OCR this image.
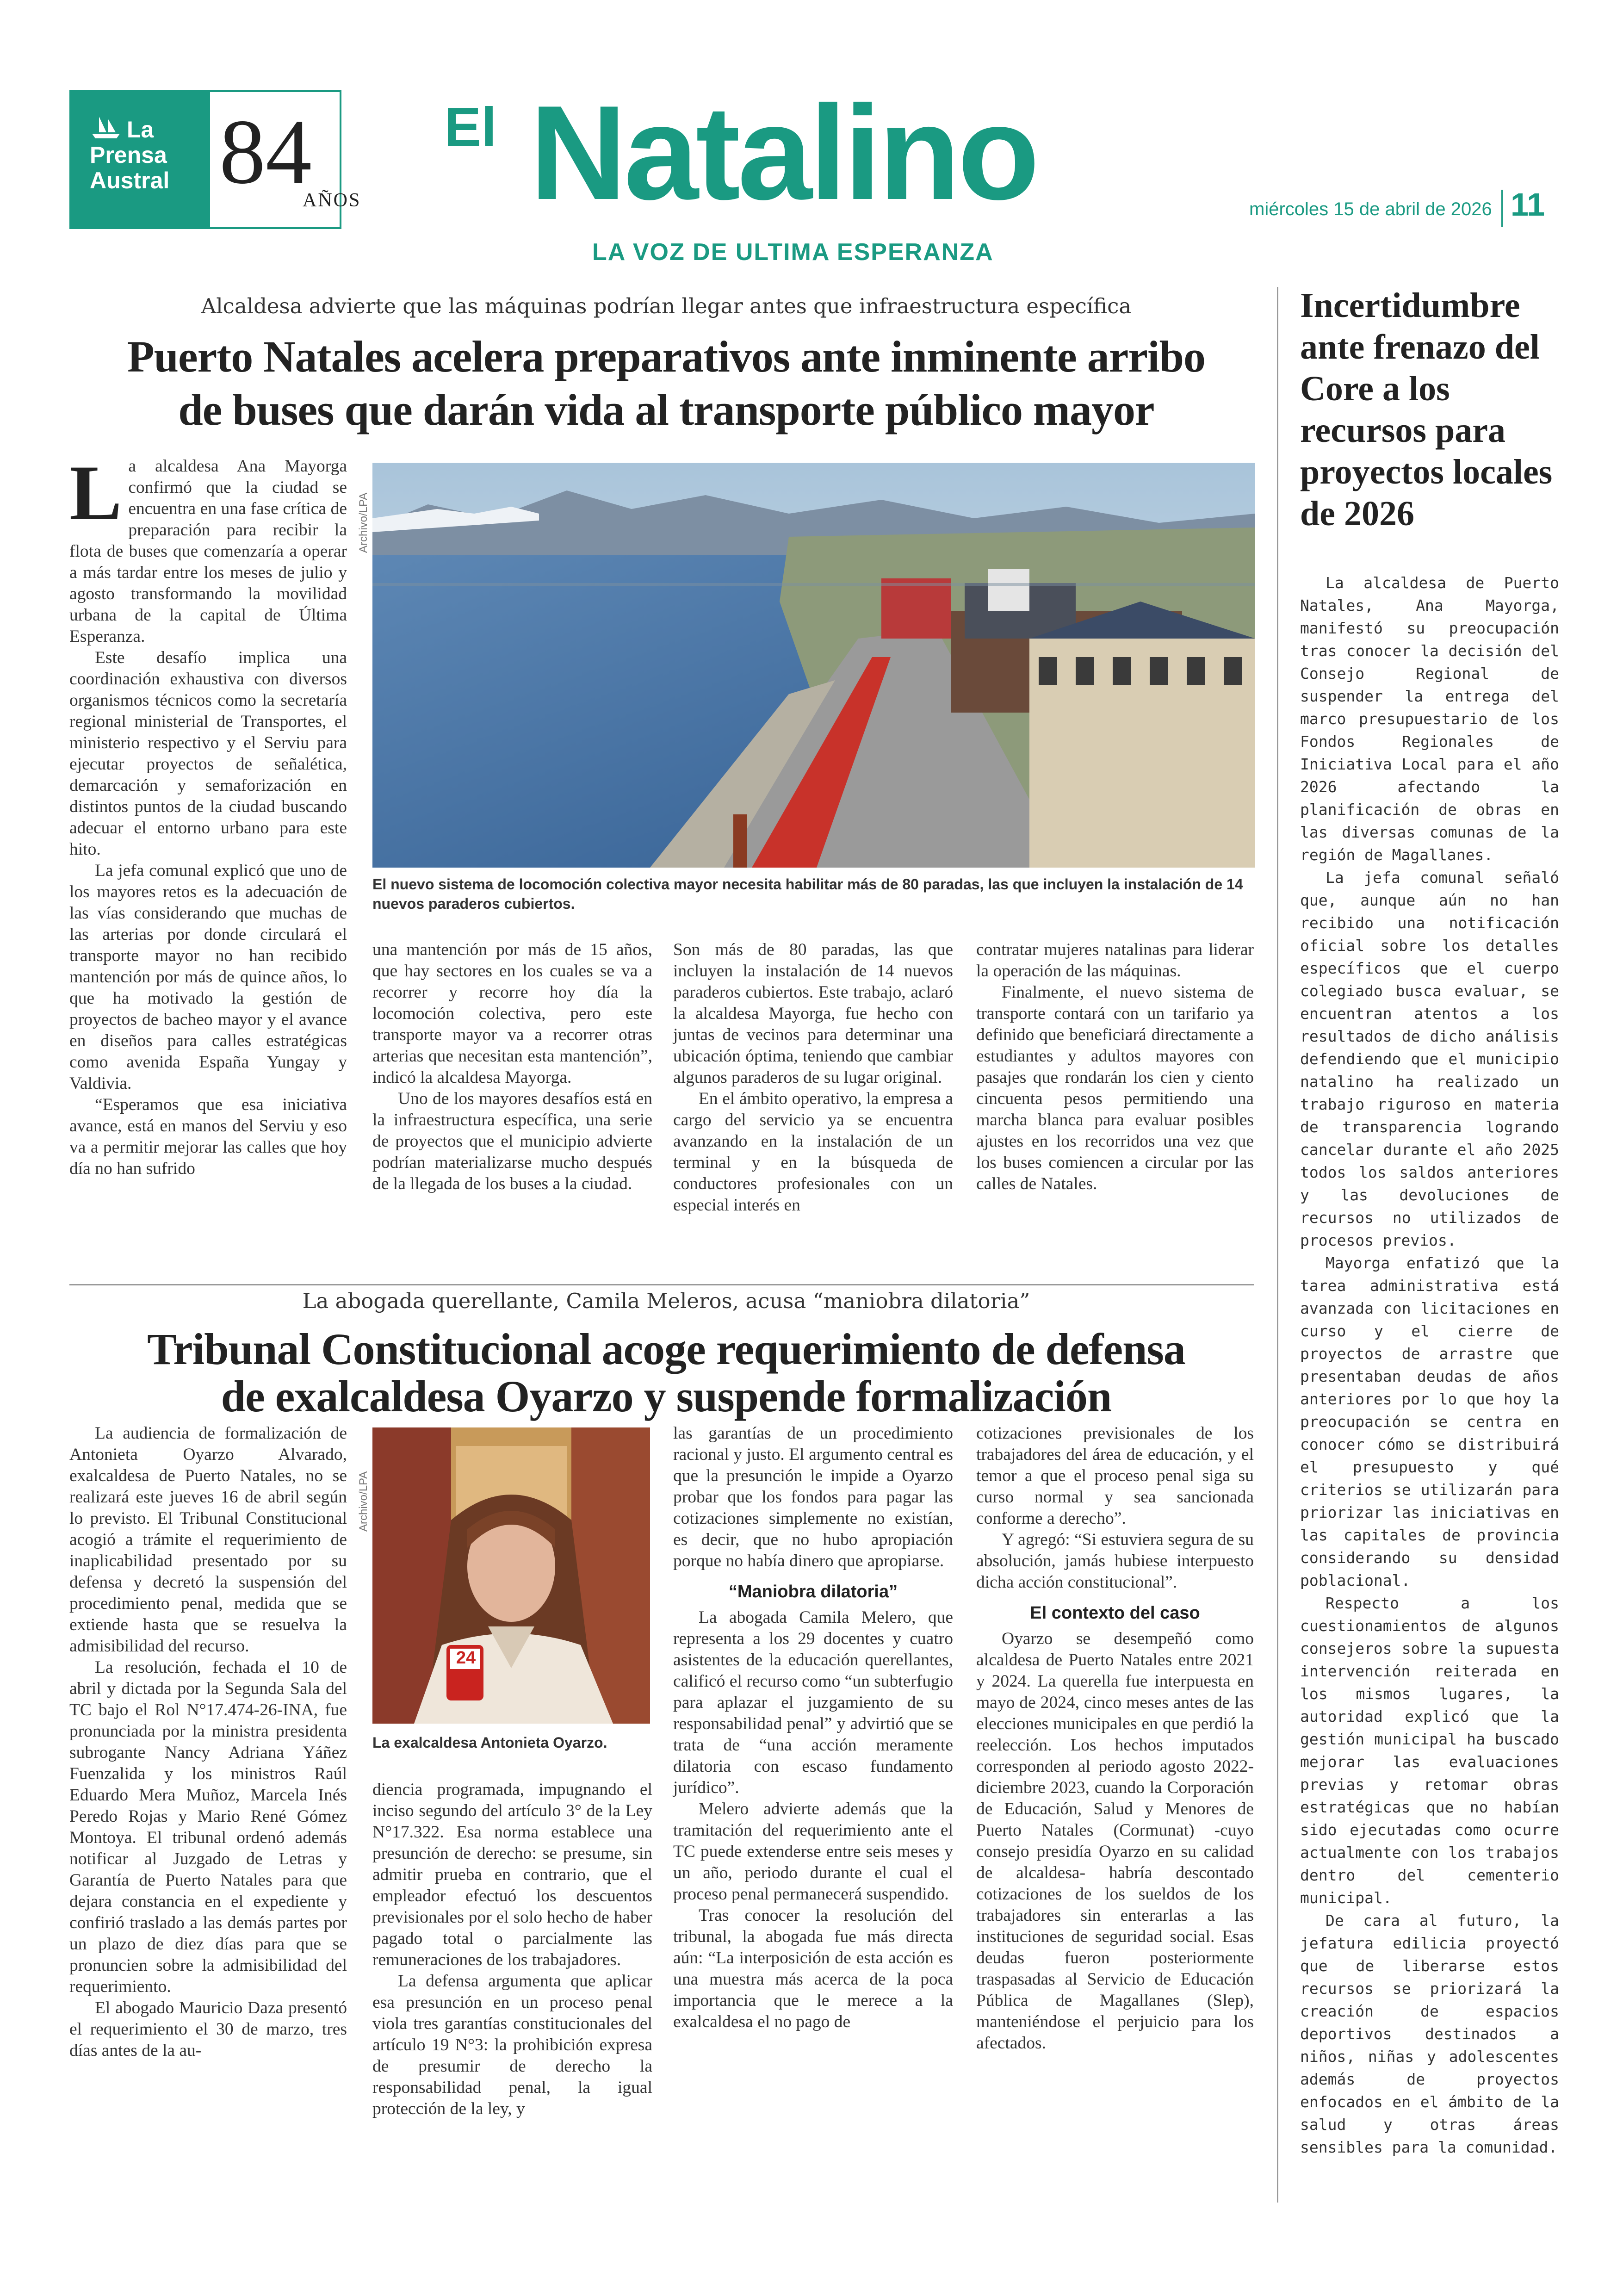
La
Prensa
Austral 84
AÑOS
El Natalino
LA VOZ DE ULTIMA ESPERANZA
miércoles 15 de abril de 2026 11
Alcaldesa advierte que las máquinas podrían llegar antes que infraestructura específica
Puerto Natales acelera preparativos ante inminente arribo
de buses que darán vida al transporte público mayor
L a alcaldesa Ana Mayorga confirmó que la ciudad se encuentra en una fase crítica de preparación para recibir la flota de buses que comenzaría a operar a más tardar entre los meses de julio y agosto transformando la movilidad urbana de la capital de Última Esperanza.

Este desafío implica una coordinación exhaustiva con diversos organismos técnicos como la secretaría regional ministerial de Transportes, el ministerio respectivo y el Serviu para ejecutar proyectos de señalética, demarcación y semaforización en distintos puntos de la ciudad buscando adecuar el entorno urbano para este hito.

La jefa comunal explicó que uno de los mayores retos es la adecuación de las vías considerando que muchas de las arterias por donde circulará el transporte mayor no han recibido mantención por más de quince años, lo que ha motivado la gestión de proyectos de bacheo mayor y el avance en diseños para calles estratégicas como avenida España Yungay y Valdivia.

“Esperamos que esa iniciativa avance, está en manos del Serviu y eso va a permitir mejorar las calles que hoy día no han sufrido

Archivo/LPA
El nuevo sistema de locomoción colectiva mayor necesita habilitar más de 80 paradas, las que incluyen la instalación de 14 nuevos paraderos cubiertos.

una mantención por más de 15 años, que hay sectores en los cuales se va a recorrer y recorre hoy día la locomoción colectiva, pero este transporte mayor va a recorrer otras arterias que necesitan esta mantención”, indicó la alcaldesa Mayorga.

Uno de los mayores desafíos está en la infraestructura específica, una serie de proyectos que el municipio advierte podrían materializarse mucho después de la llegada de los buses a la ciudad.

Son más de 80 paradas, las que incluyen la instalación de 14 nuevos paraderos cubiertos. Este trabajo, aclaró la alcaldesa Mayorga, fue hecho con juntas de vecinos para determinar una ubicación óptima, teniendo que cambiar algunos paraderos de su lugar original.

En el ámbito operativo, la empresa a cargo del servicio ya se encuentra avanzando en la instalación de un terminal y en la búsqueda de conductores profesionales con un especial interés en

contratar mujeres natalinas para liderar la operación de las máquinas.

Finalmente, el nuevo sistema de transporte contará con un tarifario ya definido que beneficiará directamente a estudiantes y adultos mayores con pasajes que rondarán los cien y ciento cincuenta pesos permitiendo una marcha blanca para evaluar posibles ajustes en los recorridos una vez que los buses comiencen a circular por las calles de Natales.

La abogada querellante, Camila Meleros, acusa “maniobra dilatoria”
Tribunal Constitucional acoge requerimiento de defensa
de exalcaldesa Oyarzo y suspende formalización

La audiencia de formalización de Antonieta Oyarzo Alvarado, exalcaldesa de Puerto Natales, no se realizará este jueves 16 de abril según lo previsto. El Tribunal Constitucional acogió a trámite el requerimiento de inaplicabilidad presentado por su defensa y decretó la suspensión del procedimiento penal, medida que se extiende hasta que se resuelva la admisibilidad del recurso.

La resolución, fechada el 10 de abril y dictada por la Segunda Sala del TC bajo el Rol N°17.474-26-INA, fue pronunciada por la ministra presidenta subrogante Nancy Adriana Yáñez Fuenzalida y los ministros Raúl Eduardo Mera Muñoz, Marcela Inés Peredo Rojas y Mario René Gómez Montoya. El tribunal ordenó además notificar al Juzgado de Letras y Garantía de Puerto Natales para que dejara constancia en el expediente y confirió traslado a las demás partes por un plazo de diez días para que se pronuncien sobre la admisibilidad del requerimiento.

El abogado Mauricio Daza presentó el requerimiento el 30 de marzo, tres días antes de la au-

Archivo/LPA
24
La exalcaldesa Antonieta Oyarzo.

diencia programada, impugnando el inciso segundo del artículo 3° de la Ley N°17.322. Esa norma establece una presunción de derecho: se presume, sin admitir prueba en contrario, que el empleador efectuó los descuentos previsionales por el solo hecho de haber pagado total o parcialmente las remuneraciones de los trabajadores.

La defensa argumenta que aplicar esa presunción en un proceso penal viola tres garantías constitucionales del artículo 19 N°3: la prohibición expresa de presumir de derecho la responsabilidad penal, la igual protección de la ley, y

las garantías de un procedimiento racional y justo. El argumento central es que la presunción le impide a Oyarzo probar que los fondos para pagar las cotizaciones simplemente no existían, es decir, que no hubo apropiación porque no había dinero que apropiarse.

“Maniobra dilatoria”

La abogada Camila Melero, que representa a los 29 docentes y cuatro asistentes de la educación querellantes, calificó el recurso como “un subterfugio para aplazar el juzgamiento de su responsabilidad penal” y advirtió que se trata de “una acción meramente dilatoria con escaso fundamento jurídico”.

Melero advierte además que la tramitación del requerimiento ante el TC puede extenderse entre seis meses y un año, periodo durante el cual el proceso penal permanecerá suspendido.

Tras conocer la resolución del tribunal, la abogada fue más directa aún: “La interposición de esta acción es una muestra más acerca de la poca importancia que le merece a la exalcaldesa el no pago de

cotizaciones previsionales de los trabajadores del área de educación, y el temor a que el proceso penal siga su curso normal y sea sancionada conforme a derecho”.

Y agregó: “Si estuviera segura de su absolución, jamás hubiese interpuesto dicha acción constitucional”.

El contexto del caso

Oyarzo se desempeñó como alcaldesa de Puerto Natales entre 2021 y 2024. La querella fue interpuesta en mayo de 2024, cinco meses antes de las elecciones municipales en que perdió la reelección. Los hechos imputados corresponden al periodo agosto 2022-diciembre 2023, cuando la Corporación de Educación, Salud y Menores de Puerto Natales (Cormunat) -cuyo consejo presidía Oyarzo en su calidad de alcaldesa- habría descontado cotizaciones de los sueldos de los trabajadores sin enterarlas a las instituciones de seguridad social. Esas deudas fueron posteriormente traspasadas al Servicio de Educación Pública de Magallanes (Slep), manteniéndose el perjuicio para los afectados.

Incertidumbre ante frenazo del Core a los recursos para proyectos locales de 2026

La alcaldesa de Puerto Natales, Ana Mayorga, manifestó su preocupación tras conocer la decisión del Consejo Regional de suspender la entrega del marco presupuestario de los Fondos Regionales de Iniciativa Local para el año 2026 afectando la planificación de obras en las diversas comunas de la región de Magallanes.

La jefa comunal señaló que, aunque aún no han recibido una notificación oficial sobre los detalles específicos que el cuerpo colegiado busca evaluar, se encuentran atentos a los resultados de dicho análisis defendiendo que el municipio natalino ha realizado un trabajo riguroso en materia de transparencia logrando cancelar durante el año 2025 todos los saldos anteriores y las devoluciones de recursos no utilizados de procesos previos.

Mayorga enfatizó que la tarea administrativa está avanzada con licitaciones en curso y el cierre de proyectos de arrastre que presentaban deudas de años anteriores por lo que hoy la preocupación se centra en conocer cómo se distribuirá el presupuesto y qué criterios se utilizarán para priorizar las iniciativas en las capitales de provincia considerando su densidad poblacional.

Respecto a los cuestionamientos de algunos consejeros sobre la supuesta intervención reiterada en los mismos lugares, la autoridad explicó que la gestión municipal ha buscado mejorar las evaluaciones previas y retomar obras estratégicas que no habían sido ejecutadas como ocurre actualmente con los trabajos dentro del cementerio municipal.

De cara al futuro, la jefatura edilicia proyectó que de liberarse estos recursos se priorizará la creación de espacios deportivos destinados a niños, niñas y adolescentes además de proyectos enfocados en el ámbito de la salud y otras áreas sensibles para la comunidad.
